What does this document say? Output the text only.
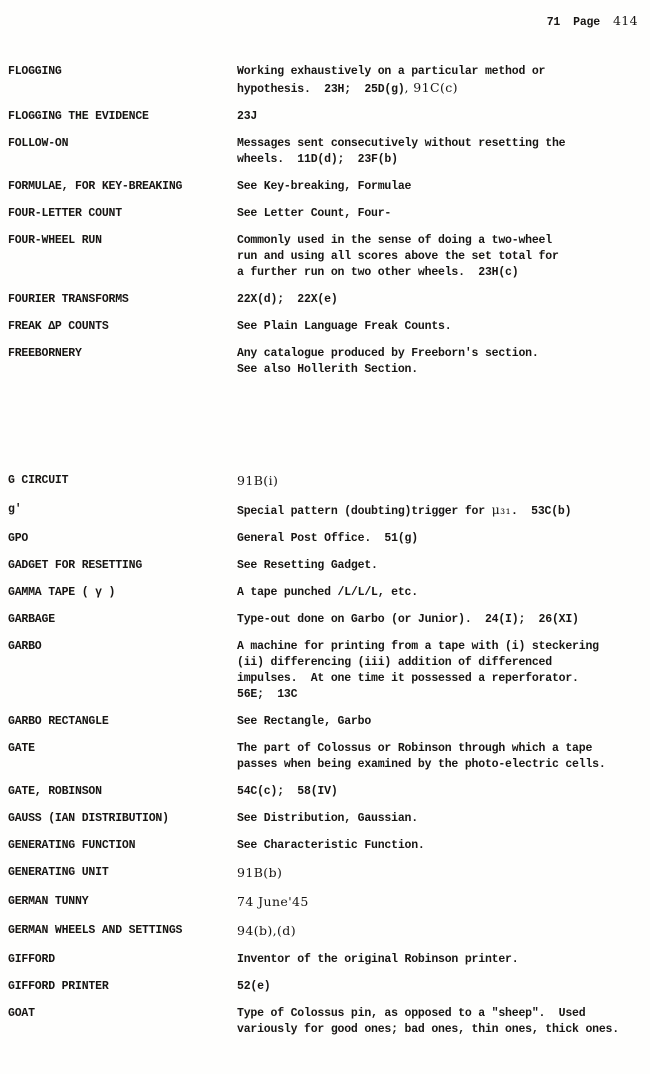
71 Page 414
FLOGGING	Working exhaustively on a particular method or
hypothesis.  23H;  25D(g), 91C(c)
FLOGGING THE EVIDENCE	23J
FOLLOW-ON	Messages sent consecutively without resetting the
wheels.  11D(d);  23F(b)
FORMULAE, FOR KEY-BREAKING	See Key-breaking, Formulae
FOUR-LETTER COUNT	See Letter Count, Four-
FOUR-WHEEL RUN	Commonly used in the sense of doing a two-wheel
run and using all scores above the set total for
a further run on two other wheels.  23H(c)
FOURIER TRANSFORMS	22X(d);  22X(e)
FREAK ΔP COUNTS	See Plain Language Freak Counts.
FREEBORNERY	Any catalogue produced by Freeborn's section.
See also Hollerith Section.
G CIRCUIT	91B(i)
g'	Special pattern (doubting)trigger for μ₃₁.  53C(b)
GPO	General Post Office.  51(g)
GADGET FOR RESETTING	See Resetting Gadget.
GAMMA TAPE ( γ )	A tape punched /L/L/L, etc.
GARBAGE	Type-out done on Garbo (or Junior).  24(I);  26(XI)
GARBO	A machine for printing from a tape with (i) steckering
(ii) differencing (iii) addition of differenced
impulses.  At one time it possessed a reperforator.
56E;  13C
GARBO RECTANGLE	See Rectangle, Garbo
GATE	The part of Colossus or Robinson through which a tape
passes when being examined by the photo-electric cells.
GATE, ROBINSON	54C(c);  58(IV)
GAUSS (IAN DISTRIBUTION)	See Distribution, Gaussian.
GENERATING FUNCTION	See Characteristic Function.
GENERATING UNIT	91B(b)
GERMAN TUNNY	74 June'45
GERMAN WHEELS AND SETTINGS	94(b),(d)
GIFFORD	Inventor of the original Robinson printer.
GIFFORD PRINTER	52(e)
GOAT	Type of Colossus pin, as opposed to a "sheep".  Used
variously for good ones; bad ones, thin ones, thick ones.
